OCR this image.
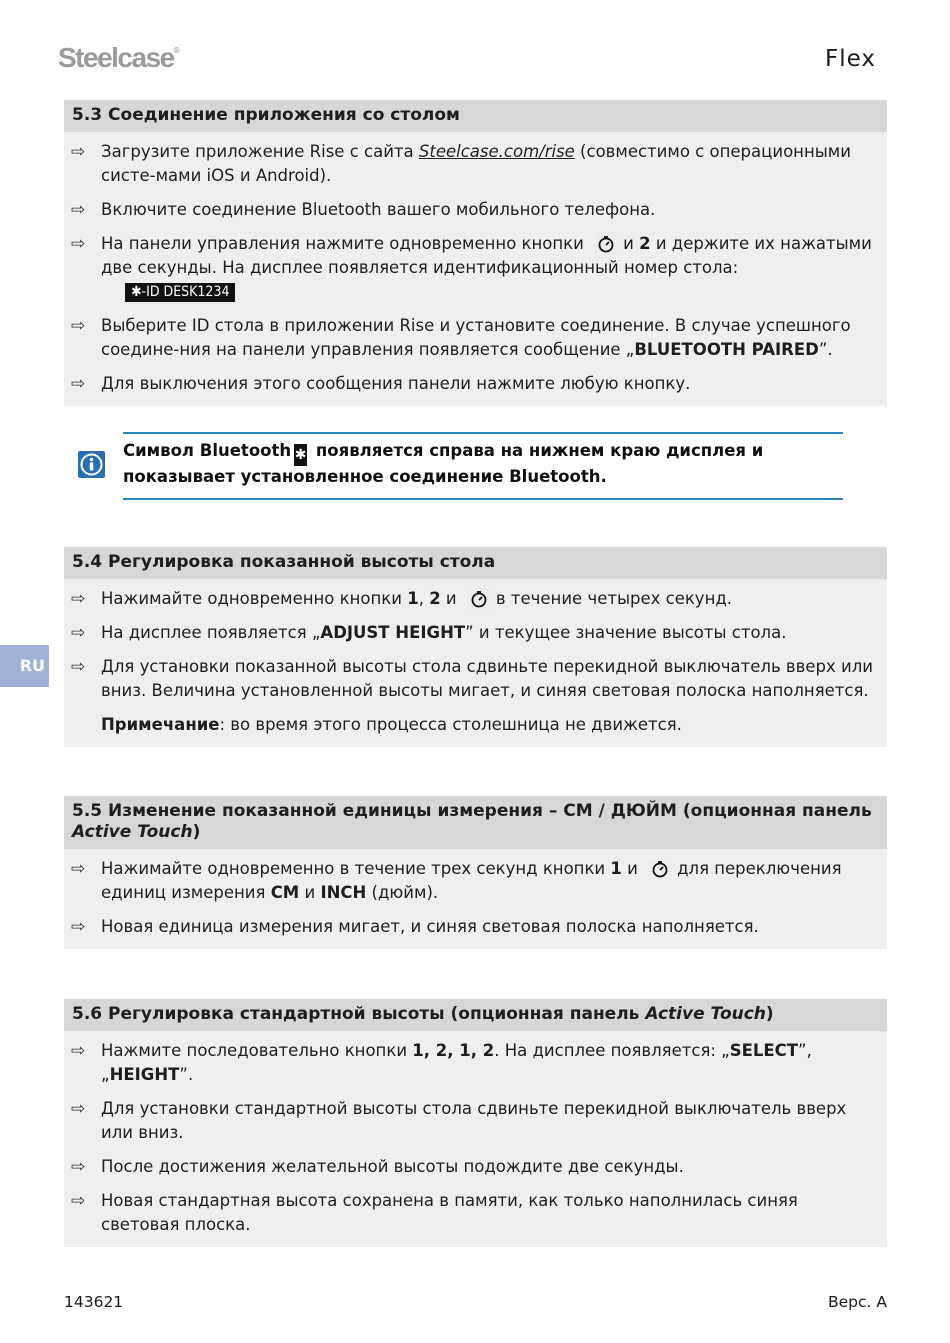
Steelcase®	Flex
5.3 Соединение приложения со столом
⇨ Загрузите приложение Rise с сайта Steelcase.com/rise (совместимо с операционными систе-мами iOS и Android).
⇨ Включите соединение Bluetooth вашего мобильного телефона.
⇨ На панели управления нажмите одновременно кнопки и 2 и держите их нажатыми две секунды. На дисплее появляется идентификационный номер стола: ✱-ID DESK1234
⇨ Выберите ID стола в приложении Rise и установите соединение. В случае успешного соедине-ния на панели управления появляется сообщение „BLUETOOTH PAIRED”.
⇨ Для выключения этого сообщения панели нажмите любую кнопку.
Символ Bluetooth ✱ появляется справа на нижнем краю дисплея и показывает установленное соединение Bluetooth.
5.4 Регулировка показанной высоты стола
⇨ Нажимайте одновременно кнопки 1, 2 и в течение четырех секунд.
⇨ На дисплее появляется „ADJUST HEIGHT” и текущее значение высоты стола.
⇨ Для установки показанной высоты стола сдвиньте перекидной выключатель вверх или вниз. Величина установленной высоты мигает, и синяя световая полоска наполняется.
Примечание: во время этого процесса столешница не движется.
RU
5.5 Изменение показанной единицы измерения – CM / ДЮЙМ (опционная панель Active Touch)
⇨ Нажимайте одновременно в течение трех секунд кнопки 1 и для переключения единиц измерения CM и INCH (дюйм).
⇨ Новая единица измерения мигает, и синяя световая полоска наполняется.
5.6 Регулировка стандартной высоты (опционная панель Active Touch)
⇨ Нажмите последовательно кнопки 1, 2, 1, 2. На дисплее появляется: „SELECT”, „HEIGHT”.
⇨ Для установки стандартной высоты стола сдвиньте перекидной выключатель вверх или вниз.
⇨ После достижения желательной высоты подождите две секунды.
⇨ Новая стандартная высота сохранена в памяти, как только наполнилась синяя световая плоска.
143621	Верс. А
